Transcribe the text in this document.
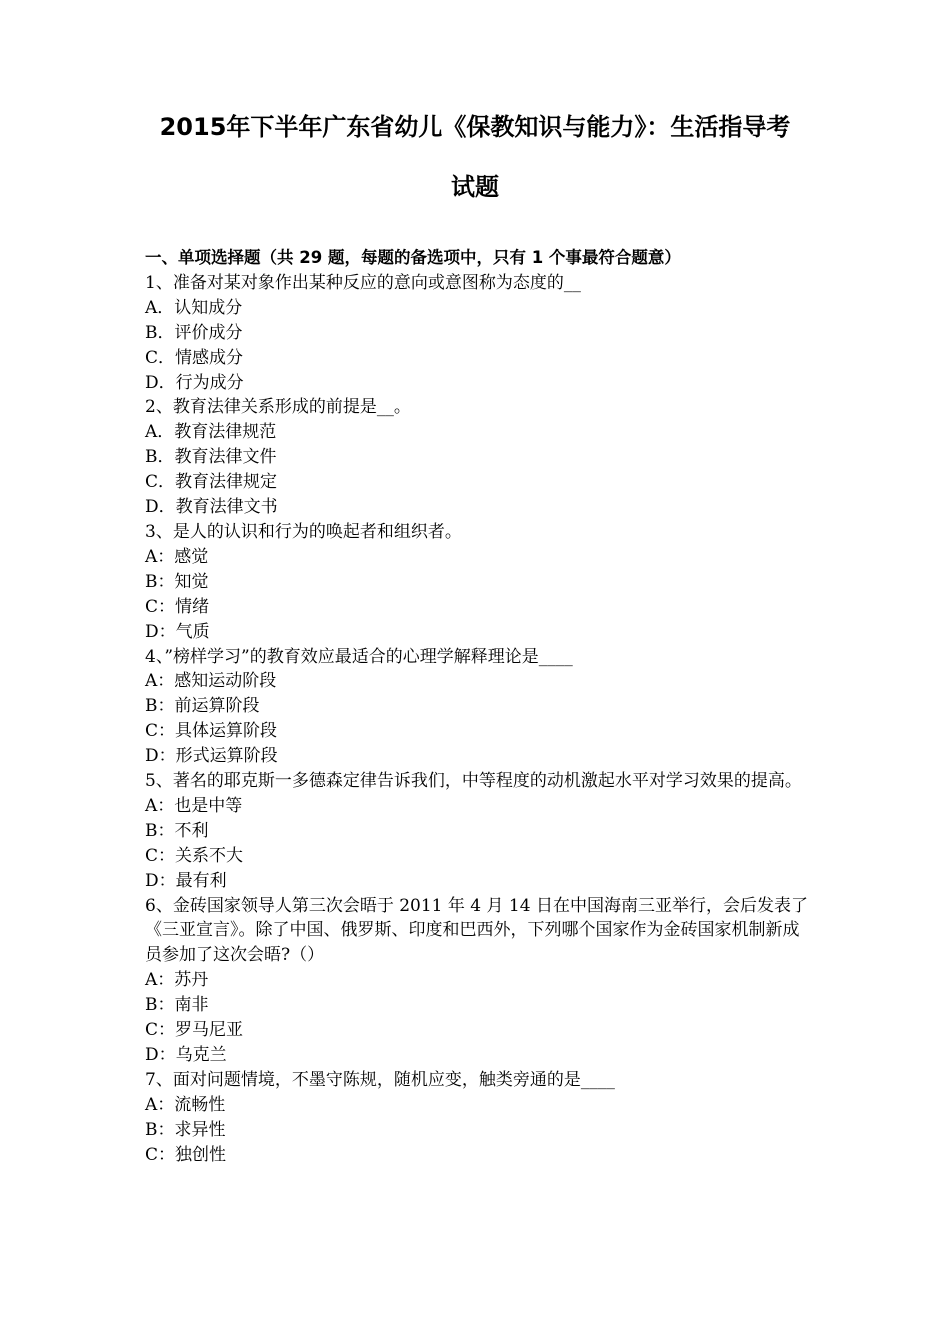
2015年下半年广东省幼儿《保教知识与能力》：生活指导考

试题

一、单项选择题（共 29 题，每题的备选项中，只有 1 个事最符合题意）

1、准备对某对象作出某种反应的意向或意图称为态度的__

A．认知成分

B．评价成分

C．情感成分

D．行为成分

2、教育法律关系形成的前提是__。

A．教育法律规范

B．教育法律文件

C．教育法律规定

D．教育法律文书

3、是人的认识和行为的唤起者和组织者。

A：感觉

B：知觉

C：情绪

D：气质

4、”榜样学习”的教育效应最适合的心理学解释理论是____

A：感知运动阶段

B：前运算阶段

C：具体运算阶段

D：形式运算阶段

5、著名的耶克斯一多德森定律告诉我们，中等程度的动机激起水平对学习效果的提高。

A：也是中等

B：不利

C：关系不大

D：最有利

6、金砖国家领导人第三次会晤于 2011 年 4 月 14 日在中国海南三亚举行，会后发表了《三亚宣言》。除了中国、俄罗斯、印度和巴西外，下列哪个国家作为金砖国家机制新成员参加了这次会晤?（）

A：苏丹

B：南非

C：罗马尼亚

D：乌克兰

7、面对问题情境，不墨守陈规，随机应变，触类旁通的是____

A：流畅性

B：求异性

C：独创性
